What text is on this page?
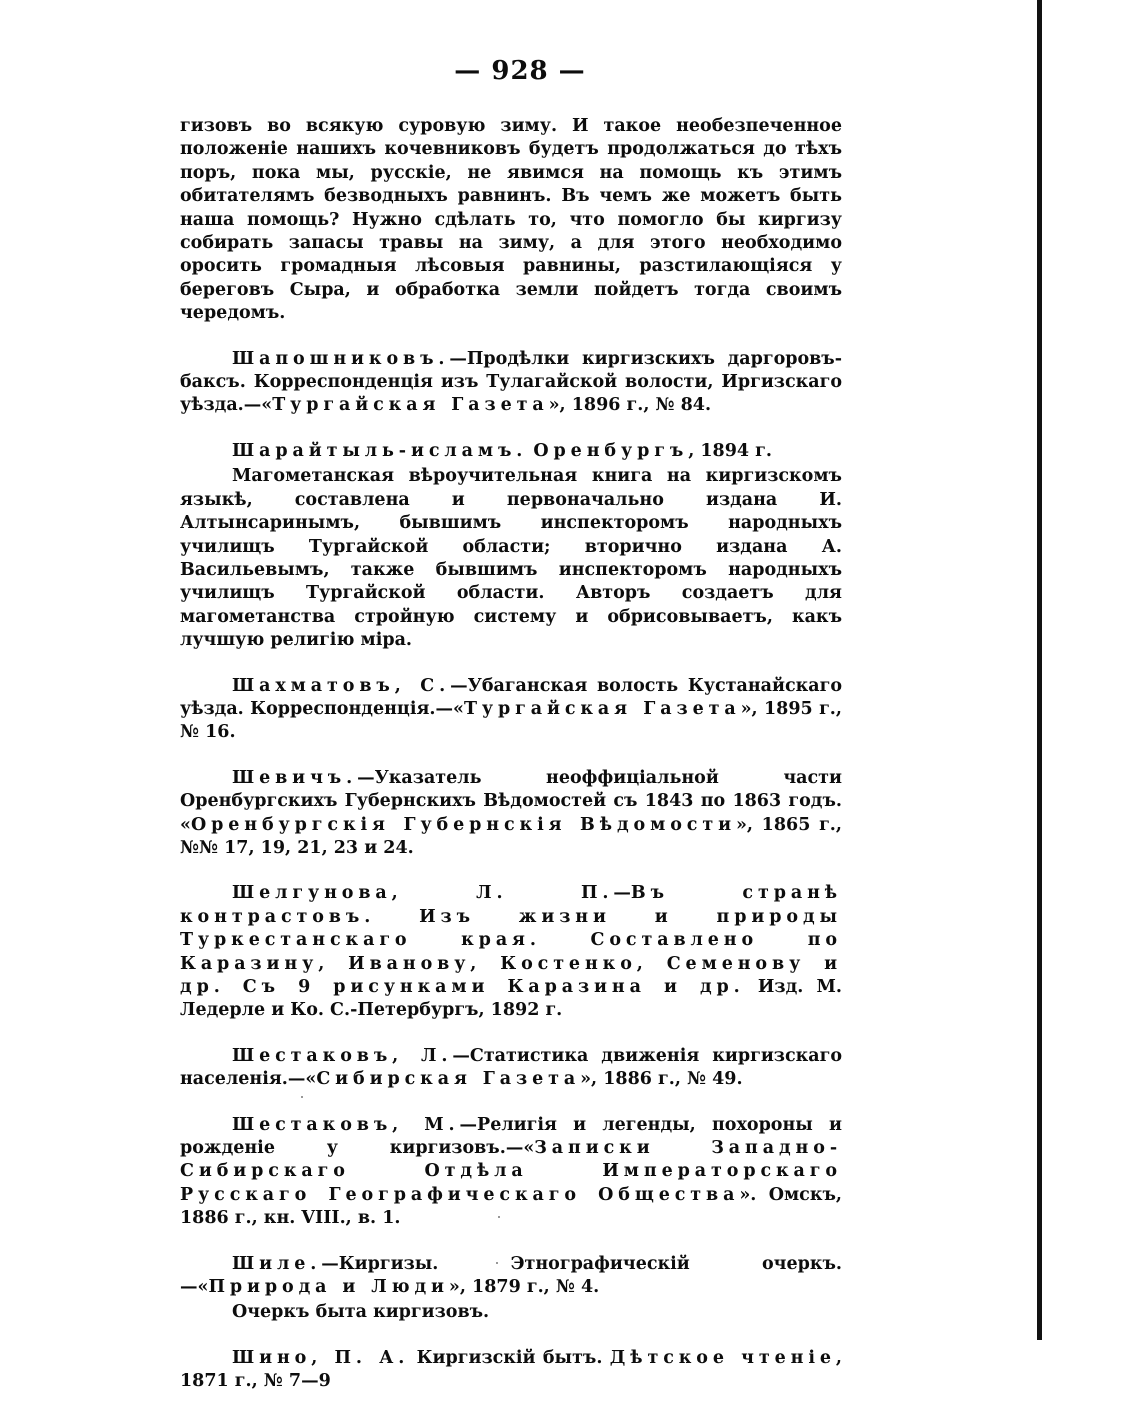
— 928 —

гизовъ во всякую суровую зиму. И такое необезпеченное положеніе нашихъ кочевниковъ будетъ продолжаться до тѣхъ поръ, пока мы, русскіе, не явимся на помощь къ этимъ обитателямъ безводныхъ равнинъ. Въ чемъ же можетъ быть наша помощь? Нужно сдѣлать то, что помогло бы киргизу собирать запасы травы на зиму, а для этого необходимо оросить громадныя лѣсовыя равнины, разстилающіяся у береговъ Сыра, и обработка земли пойдетъ тогда своимъ чередомъ.

Шапошниковъ.—Продѣлки киргизскихъ даргоровъ-баксъ. Корреспонденція изъ Тулагайской волости, Иргизскаго уѣзда.—«Тургайская Газета», 1896 г., № 84.

Шарайтыль-иcламъ. Оренбургъ, 1894 г.

Магометанская вѣроучительная книга на киргизскомъ языкѣ, составлена и первоначально издана И. Алтынсаринымъ, бывшимъ инспекторомъ народныхъ училищъ Тургайской области; вторично издана А. Васильевымъ, также бывшимъ инспекторомъ народныхъ училищъ Тургайской области. Авторъ создаетъ для магометанства стройную систему и обрисовываетъ, какъ лучшую религію міра.

Шахматовъ, С.—Убаганская волость Кустанайскаго уѣзда. Корреспонденція.—«Тургайская Газета», 1895 г., № 16.

Шевичъ.—Указатель неоффиціальной части Оренбургскихъ Губернскихъ Вѣдомостей съ 1843 по 1863 годъ. «Оренбургскія Губернскія Вѣдомости», 1865 г., №№ 17, 19, 21, 23 и 24.

Шелгунова, Л. П.—Въ странѣ контрастовъ. Изъ жизни и природы Туркестанскаго края. Составлено по Каразину, Иванову, Костенко, Семенову и др. Съ 9 рисунками Каразина и др. Изд. М. Ледерле и Ко. С.-Петербургъ, 1892 г.

Шестаковъ, Л.—Статистика движенія киргизскаго населенія.—«Сибирская Газета», 1886 г., № 49.

Шестаковъ, М.—Религія и легенды, похороны и рожденіе у киргизовъ.—«Записки Западно-Сибирскаго Отдѣла Императорскаго Русскаго Географическаго Общества». Омскъ, 1886 г., кн. VIII., в. 1.

Шиле.—Киргизы. Этнографическій очеркъ.—«Природа и Люди», 1879 г., № 4.

Очеркъ быта киргизовъ.

Шино, П. А. Киргизскій бытъ. Дѣтское чтеніе, 1871 г., № 7—9
